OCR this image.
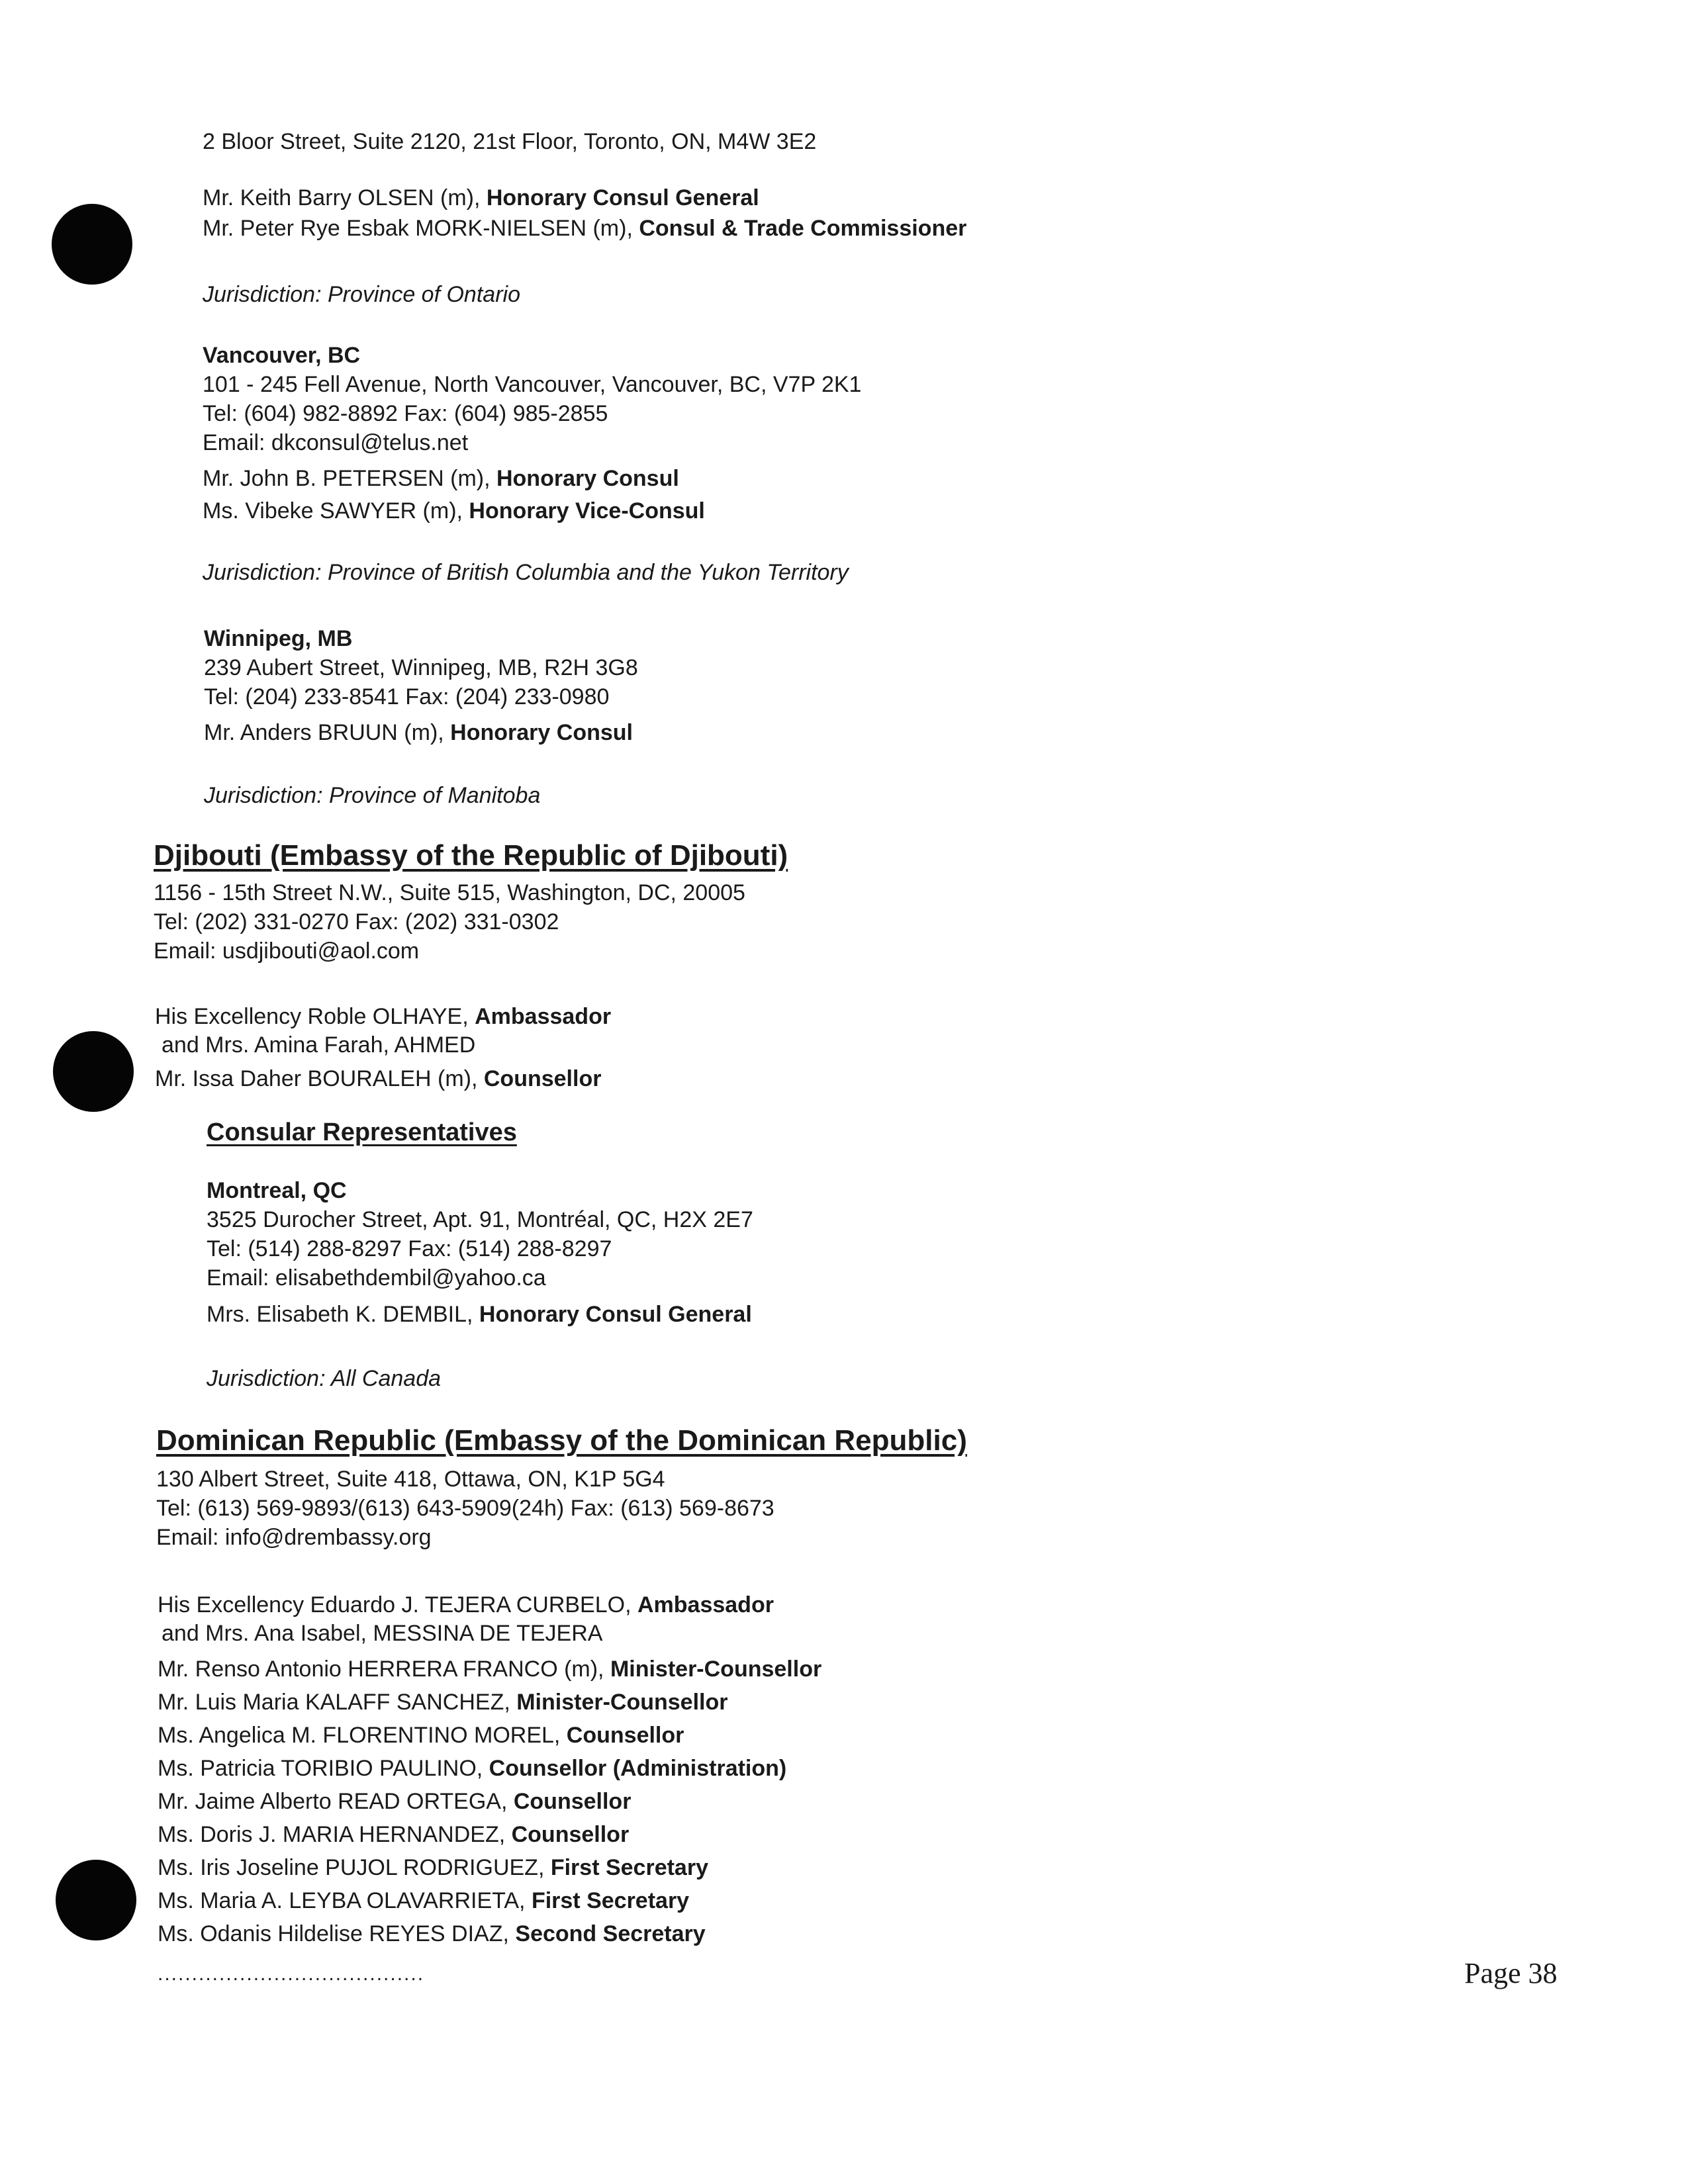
2 Bloor Street, Suite 2120, 21st Floor, Toronto, ON, M4W 3E2
Mr. Keith Barry OLSEN (m), Honorary Consul General
Mr. Peter Rye Esbak MORK-NIELSEN (m), Consul & Trade Commissioner
Jurisdiction: Province of Ontario
Vancouver, BC
101 - 245 Fell Avenue, North Vancouver, Vancouver, BC, V7P 2K1
Tel: (604) 982-8892 Fax: (604) 985-2855
Email: dkconsul@telus.net
Mr. John B. PETERSEN (m), Honorary Consul
Ms. Vibeke SAWYER (m), Honorary Vice-Consul
Jurisdiction: Province of British Columbia and the Yukon Territory
Winnipeg, MB
239 Aubert Street, Winnipeg, MB, R2H 3G8
Tel: (204) 233-8541 Fax: (204) 233-0980
Mr. Anders BRUUN (m), Honorary Consul
Jurisdiction: Province of Manitoba
Djibouti (Embassy of the Republic of Djibouti)
1156 - 15th Street N.W., Suite 515, Washington, DC, 20005
Tel: (202) 331-0270 Fax: (202) 331-0302
Email: usdjibouti@aol.com
His Excellency Roble OLHAYE, Ambassador
and Mrs. Amina Farah, AHMED
Mr. Issa Daher BOURALEH (m), Counsellor
Consular Representatives
Montreal, QC
3525 Durocher Street, Apt. 91, Montréal, QC, H2X 2E7
Tel: (514) 288-8297 Fax: (514) 288-8297
Email: elisabethdembil@yahoo.ca
Mrs. Elisabeth K. DEMBIL, Honorary Consul General
Jurisdiction: All Canada
Dominican Republic (Embassy of the Dominican Republic)
130 Albert Street, Suite 418, Ottawa, ON, K1P 5G4
Tel: (613) 569-9893/(613) 643-5909(24h) Fax: (613) 569-8673
Email: info@drembassy.org
His Excellency Eduardo J. TEJERA CURBELO, Ambassador
and Mrs. Ana Isabel, MESSINA DE TEJERA
Mr. Renso Antonio HERRERA FRANCO (m), Minister-Counsellor
Mr. Luis Maria KALAFF SANCHEZ, Minister-Counsellor
Ms. Angelica M. FLORENTINO MOREL, Counsellor
Ms. Patricia TORIBIO PAULINO, Counsellor (Administration)
Mr. Jaime Alberto READ ORTEGA, Counsellor
Ms. Doris J. MARIA HERNANDEZ, Counsellor
Ms. Iris Joseline PUJOL RODRIGUEZ, First Secretary
Ms. Maria A. LEYBA OLAVARRIETA, First Secretary
Ms. Odanis Hildelise REYES DIAZ, Second Secretary
.......................................	Page 38
